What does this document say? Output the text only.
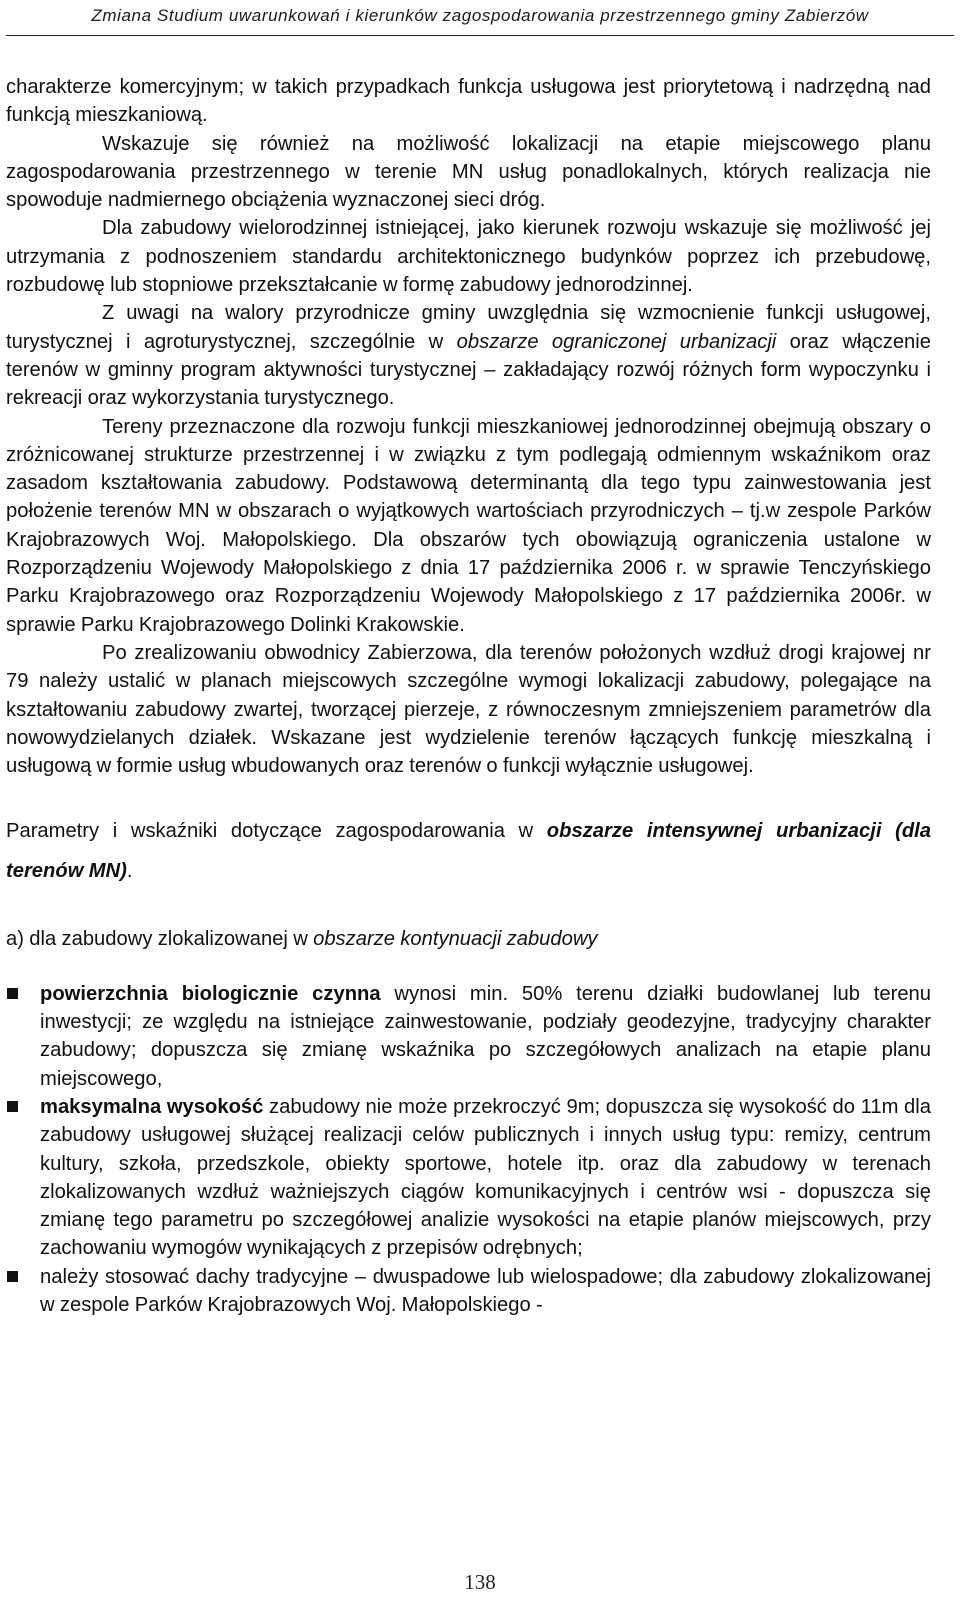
Zmiana Studium uwarunkowań i kierunków zagospodarowania przestrzennego gminy Zabierzów

charakterze komercyjnym; w takich przypadkach funkcja usługowa jest priorytetową i nadrzędną nad funkcją mieszkaniową.

Wskazuje się również na możliwość lokalizacji na etapie miejscowego planu zagospodarowania przestrzennego w terenie MN usług ponadlokalnych, których realizacja nie spowoduje nadmiernego obciążenia wyznaczonej sieci dróg.

Dla zabudowy wielorodzinnej istniejącej, jako kierunek rozwoju wskazuje się możliwość jej utrzymania z podnoszeniem standardu architektonicznego budynków poprzez ich przebudowę, rozbudowę lub stopniowe przekształcanie w formę zabudowy jednorodzinnej.

Z uwagi na walory przyrodnicze gminy uwzględnia się wzmocnienie funkcji usługowej, turystycznej i agroturystycznej, szczególnie w obszarze ograniczonej urbanizacji oraz włączenie terenów w gminny program aktywności turystycznej – zakładający rozwój różnych form wypoczynku i rekreacji oraz wykorzystania turystycznego.

Tereny przeznaczone dla rozwoju funkcji mieszkaniowej jednorodzinnej obejmują obszary o zróżnicowanej strukturze przestrzennej i w związku z tym podlegają odmiennym wskaźnikom oraz zasadom kształtowania zabudowy. Podstawową determinantą dla tego typu zainwestowania jest położenie terenów MN w obszarach o wyjątkowych wartościach przyrodniczych – tj.w zespole Parków Krajobrazowych Woj. Małopolskiego. Dla obszarów tych obowiązują ograniczenia ustalone w Rozporządzeniu Wojewody Małopolskiego z dnia 17 października 2006 r. w sprawie Tenczyńskiego Parku Krajobrazowego oraz Rozporządzeniu Wojewody Małopolskiego z 17 października 2006r. w sprawie Parku Krajobrazowego Dolinki Krakowskie.

Po zrealizowaniu obwodnicy Zabierzowa, dla terenów położonych wzdłuż drogi krajowej nr 79 należy ustalić w planach miejscowych szczególne wymogi lokalizacji zabudowy, polegające na kształtowaniu zabudowy zwartej, tworzącej pierzeje, z równoczesnym zmniejszeniem parametrów dla nowowydzielanych działek. Wskazane jest wydzielenie terenów łączących funkcję mieszkalną i usługową w formie usług wbudowanych oraz terenów o funkcji wyłącznie usługowej.

Parametry i wskaźniki dotyczące zagospodarowania w obszarze intensywnej urbanizacji (dla terenów MN).

a) dla zabudowy zlokalizowanej w obszarze kontynuacji zabudowy

powierzchnia biologicznie czynna wynosi min. 50% terenu działki budowlanej lub terenu inwestycji; ze względu na istniejące zainwestowanie, podziały geodezyjne, tradycyjny charakter zabudowy; dopuszcza się zmianę wskaźnika po szczegółowych analizach na etapie planu miejscowego,
maksymalna wysokość zabudowy nie może przekroczyć 9m; dopuszcza się wysokość do 11m dla zabudowy usługowej służącej realizacji celów publicznych i innych usług typu: remizy, centrum kultury, szkoła, przedszkole, obiekty sportowe, hotele itp. oraz dla zabudowy w terenach zlokalizowanych wzdłuż ważniejszych ciągów komunikacyjnych i centrów wsi - dopuszcza się zmianę tego parametru po szczegółowej analizie wysokości na etapie planów miejscowych, przy zachowaniu wymogów wynikających z przepisów odrębnych;
należy stosować dachy tradycyjne – dwuspadowe lub wielospadowe; dla zabudowy zlokalizowanej w zespole Parków Krajobrazowych Woj. Małopolskiego -
138
